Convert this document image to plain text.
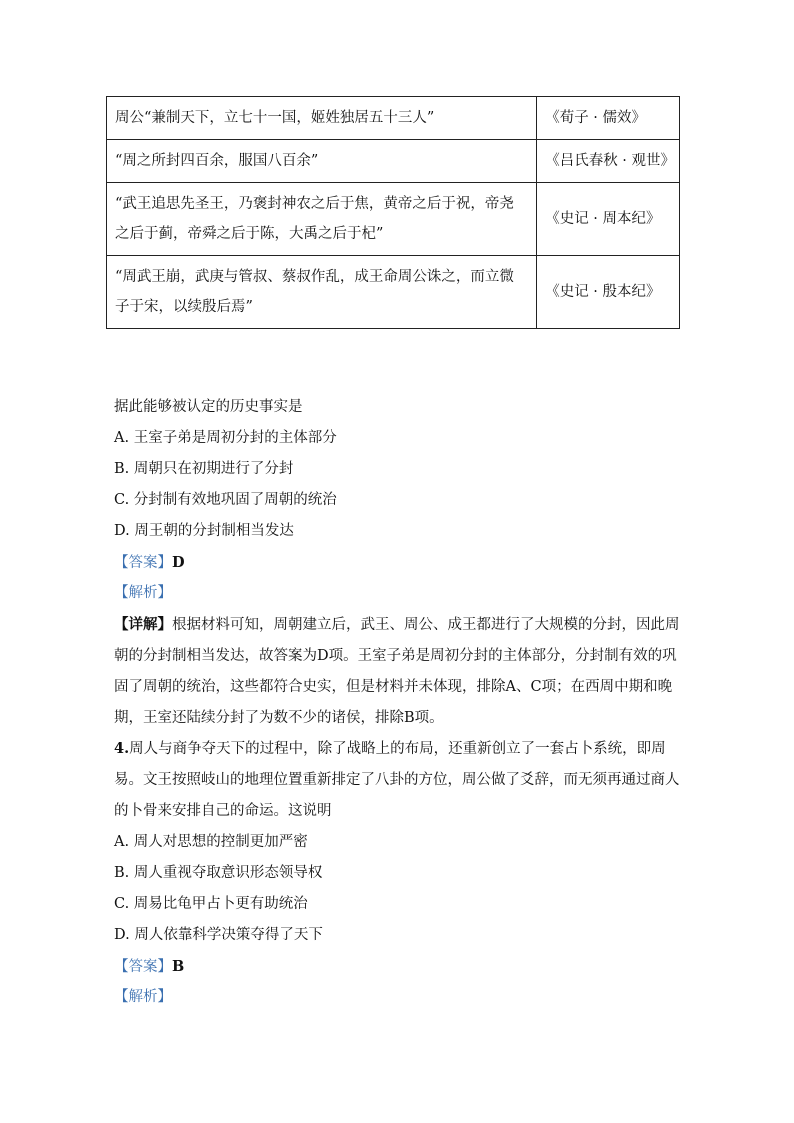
周公“兼制天下，立七十一国，姬姓独居五十三人”	《荀子 · 儒效》
“周之所封四百余，服国八百余”	《吕氏春秋 · 观世》
“武王追思先圣王，乃褒封神农之后于焦，黄帝之后于祝，帝尧之后于蓟，帝舜之后于陈，大禹之后于杞”	《史记 · 周本纪》
“周武王崩，武庚与管叔、蔡叔作乱，成王命周公诛之，而立微子于宋，以续殷后焉”	《史记 · 殷本纪》
据此能够被认定的历史事实是
A. 王室子弟是周初分封的主体部分
B. 周朝只在初期进行了分封
C. 分封制有效地巩固了周朝的统治
D. 周王朝的分封制相当发达
【答案】D
【解析】
【详解】根据材料可知，周朝建立后，武王、周公、成王都进行了大规模的分封，因此周朝的分封制相当发达，故答案为D项。王室子弟是周初分封的主体部分，分封制有效的巩固了周朝的统治，这些都符合史实，但是材料并未体现，排除A、C项；在西周中期和晚期，王室还陆续分封了为数不少的诸侯，排除B项。
4.周人与商争夺天下的过程中，除了战略上的布局，还重新创立了一套占卜系统，即周易。文王按照岐山的地理位置重新排定了八卦的方位，周公做了爻辞，而无须再通过商人的卜骨来安排自己的命运。这说明
A. 周人对思想的控制更加严密
B. 周人重视夺取意识形态领导权
C. 周易比龟甲占卜更有助统治
D. 周人依靠科学决策夺得了天下
【答案】B
【解析】
